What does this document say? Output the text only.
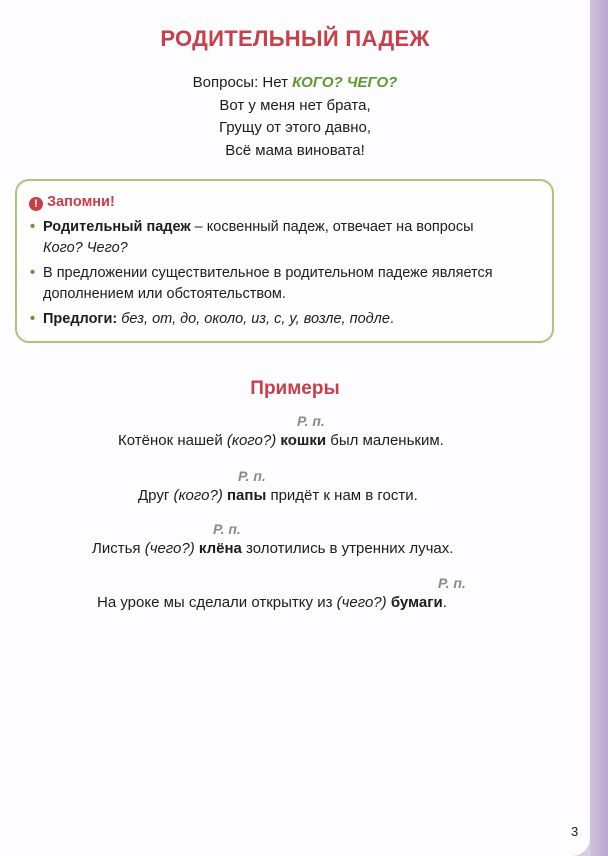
РОДИТЕЛЬНЫЙ ПАДЕЖ
Вопросы: Нет КОГО? ЧЕГО?
Вот у меня нет брата,
Грущу от этого давно,
Всё мама виновата!
! Запомни!
• Родительный падеж – косвенный падеж, отвечает на вопросы
Кого? Чего?
• В предложении существительное в родительном падеже является дополнением или обстоятельством.
• Предлоги: без, от, до, около, из, с, у, возле, подле.
Примеры
Р. п.
Котёнок нашей (кого?) кошки был маленьким.
Р. п.
Друг (кого?) папы придёт к нам в гости.
Р. п.
Листья (чего?) клёна золотились в утренних лучах.
Р. п.
На уроке мы сделали открытку из (чего?) бумаги.
3
